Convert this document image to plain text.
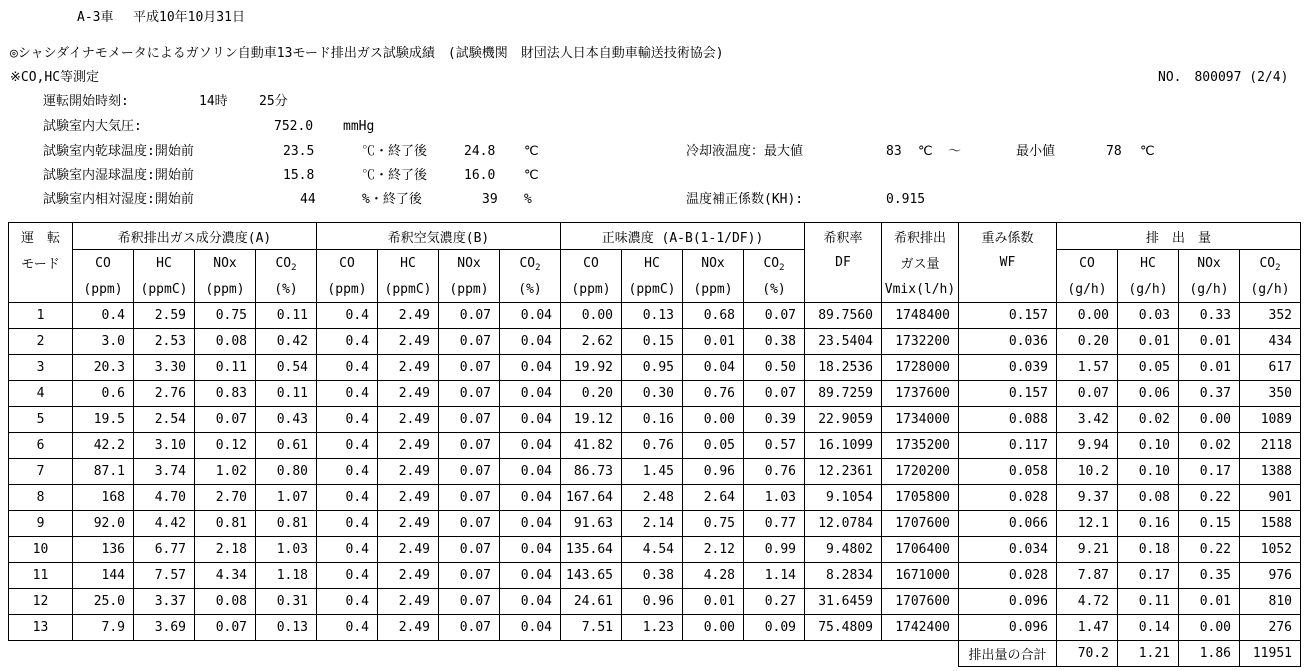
A-3車 平成10年10月31日
◎シャシダイナモメータによるガソリン自動車13モード排出ガス試験成績　(試験機関　財団法人日本自動車輸送技術協会)
※CO,HC等測定	NO.　800097 (2/4)
運転開始時刻:	14時 25分
試験室内大気圧:	752.0 mmHg
試験室内乾球温度:開始前	23.5	℃・終了後	24.8 ℃
試験室内湿球温度:開始前	15.8	℃・終了後	16.0 ℃
試験室内相対湿度:開始前	44	%・終了後	39 %
冷却液温度：最大値	83 ℃ ～	最小値	78 ℃
温度補正係数(KH):	0.915
運　転	希釈排出ガス成分濃度(A)				希釈空気濃度(B)				正味濃度 (A-B(1-1/DF))				希釈率	希釈排出	重み係数	排　出　量			
モード	CO	HC	NOx	$CO_2$	CO	HC	NOx	$CO_2$	CO	HC	NOx	$CO_2$	DF	ガス量	WF	CO	HC	NOx	$CO_2$
	(ppm)	(ppmC)	(ppm)	(%)	(ppm)	(ppmC)	(ppm)	(%)	(ppm)	(ppmC)	(ppm)	(%)		Vmix(l/h)		(g/h)	(g/h)	(g/h)	(g/h)
1	0.4	2.59	0.75	0.11	0.4	2.49	0.07	0.04	0.00	0.13	0.68	0.07	89.7560	1748400	0.157	0.00	0.03	0.33	352
2	3.0	2.53	0.08	0.42	0.4	2.49	0.07	0.04	2.62	0.15	0.01	0.38	23.5404	1732200	0.036	0.20	0.01	0.01	434
3	20.3	3.30	0.11	0.54	0.4	2.49	0.07	0.04	19.92	0.95	0.04	0.50	18.2536	1728000	0.039	1.57	0.05	0.01	617
4	0.6	2.76	0.83	0.11	0.4	2.49	0.07	0.04	0.20	0.30	0.76	0.07	89.7259	1737600	0.157	0.07	0.06	0.37	350
5	19.5	2.54	0.07	0.43	0.4	2.49	0.07	0.04	19.12	0.16	0.00	0.39	22.9059	1734000	0.088	3.42	0.02	0.00	1089
6	42.2	3.10	0.12	0.61	0.4	2.49	0.07	0.04	41.82	0.76	0.05	0.57	16.1099	1735200	0.117	9.94	0.10	0.02	2118
7	87.1	3.74	1.02	0.80	0.4	2.49	0.07	0.04	86.73	1.45	0.96	0.76	12.2361	1720200	0.058	10.2	0.10	0.17	1388
8	168	4.70	2.70	1.07	0.4	2.49	0.07	0.04	167.64	2.48	2.64	1.03	9.1054	1705800	0.028	9.37	0.08	0.22	901
9	92.0	4.42	0.81	0.81	0.4	2.49	0.07	0.04	91.63	2.14	0.75	0.77	12.0784	1707600	0.066	12.1	0.16	0.15	1588
10	136	6.77	2.18	1.03	0.4	2.49	0.07	0.04	135.64	4.54	2.12	0.99	9.4802	1706400	0.034	9.21	0.18	0.22	1052
11	144	7.57	4.34	1.18	0.4	2.49	0.07	0.04	143.65	0.38	4.28	1.14	8.2834	1671000	0.028	7.87	0.17	0.35	976
12	25.0	3.37	0.08	0.31	0.4	2.49	0.07	0.04	24.61	0.96	0.01	0.27	31.6459	1707600	0.096	4.72	0.11	0.01	810
13	7.9	3.69	0.07	0.13	0.4	2.49	0.07	0.04	7.51	1.23	0.00	0.09	75.4809	1742400	0.096	1.47	0.14	0.00	276
															排出量の合計	70.2	1.21	1.86	11951
